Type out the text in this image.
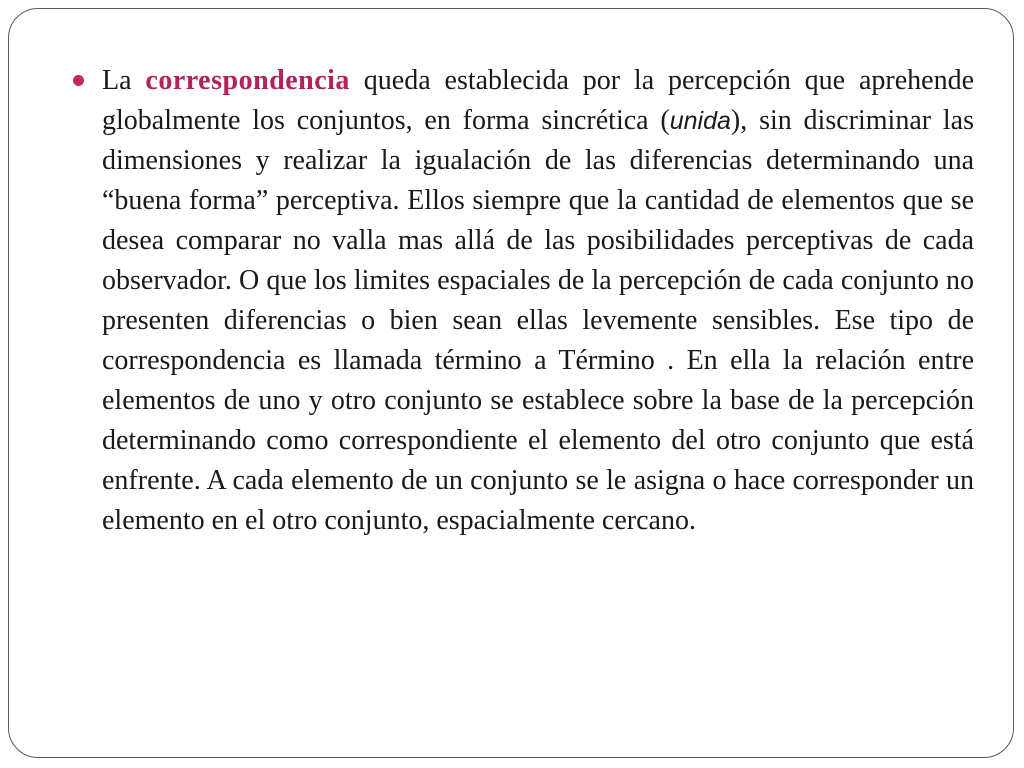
La correspondencia queda establecida por la percepción que aprehende globalmente los conjuntos, en forma sincrética (unida), sin discriminar las dimensiones y realizar la igualación de las diferencias determinando una “buena forma” perceptiva. Ellos siempre que la cantidad de elementos que se desea comparar no valla mas allá de las posibilidades perceptivas de cada observador. O que los limites espaciales de la percepción de cada conjunto no presenten diferencias o bien sean ellas levemente sensibles. Ese tipo de correspondencia es llamada término a Término . En ella la relación entre elementos de uno y otro conjunto se establece sobre la base de la percepción determinando como correspondiente el elemento del otro conjunto que está enfrente. A cada elemento de un conjunto se le asigna o hace corresponder un elemento en el otro conjunto, espacialmente cercano.
